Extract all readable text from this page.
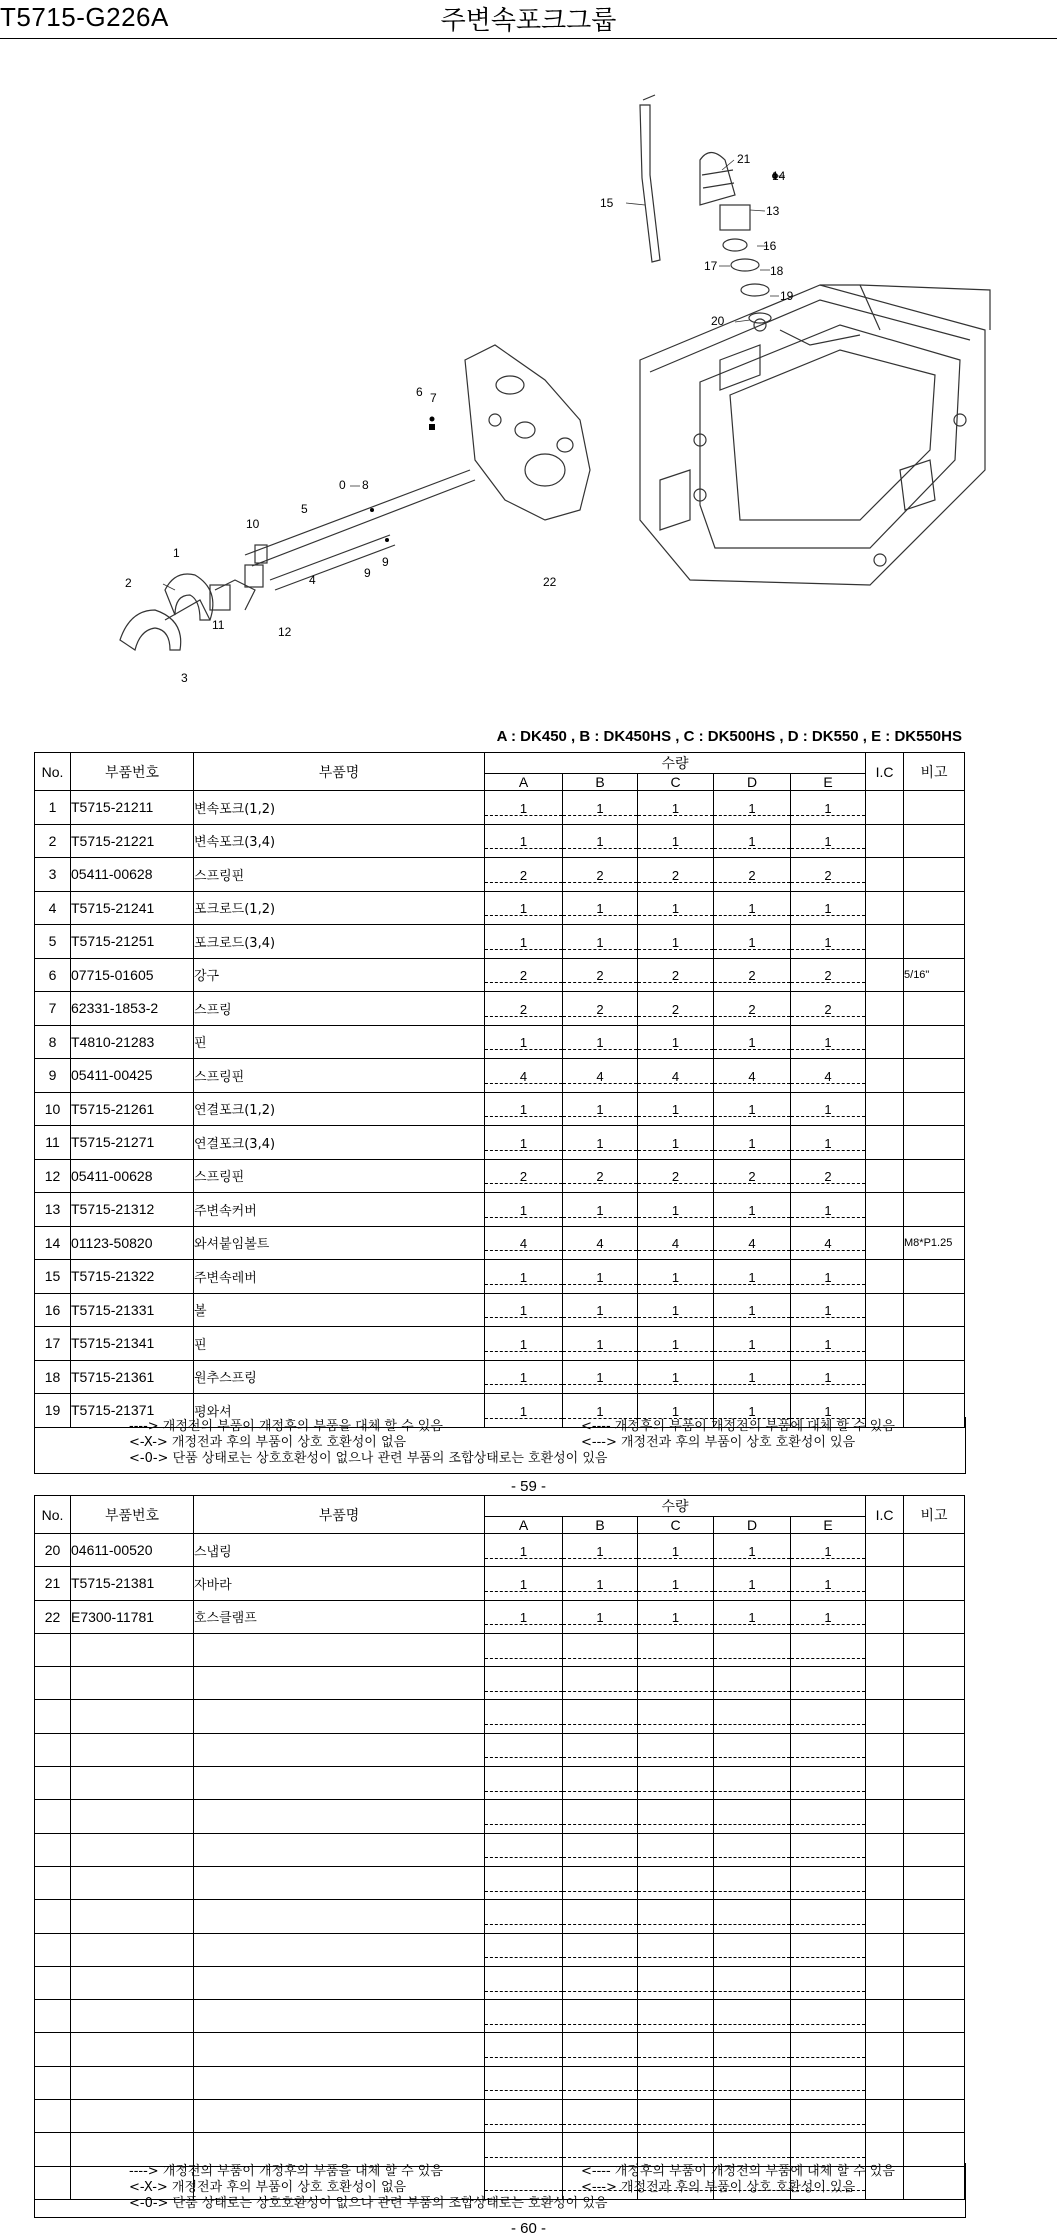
T5715-G226A	주변속포크그룹
21
14
15
13
16
17	18
19
20
6 7
0 8
5
10
1
2
9
9
4
11	12
3
22
A : DK450 , B : DK450HS , C : DK500HS , D : DK550 , E : DK550HS
No.	부품번호	부품명	수량					I.C	비고
			A	B	C	D	E		
1	T5715-21211	변속포크(1,2)	1	1	1	1	1		
2	T5715-21221	변속포크(3,4)	1	1	1	1	1		
3	05411-00628	스프링핀	2	2	2	2	2		
4	T5715-21241	포크로드(1,2)	1	1	1	1	1		
5	T5715-21251	포크로드(3,4)	1	1	1	1	1		
6	07715-01605	강구	2	2	2	2	2		5/16"
7	62331-1853-2	스프링	2	2	2	2	2		
8	T4810-21283	핀	1	1	1	1	1		
9	05411-00425	스프링핀	4	4	4	4	4		
10	T5715-21261	연결포크(1,2)	1	1	1	1	1		
11	T5715-21271	연결포크(3,4)	1	1	1	1	1		
12	05411-00628	스프링핀	2	2	2	2	2		
13	T5715-21312	주변속커버	1	1	1	1	1		
14	01123-50820	와셔붙임볼트	4	4	4	4	4		M8*P1.25
15	T5715-21322	주변속레버	1	1	1	1	1		
16	T5715-21331	볼	1	1	1	1	1		
17	T5715-21341	핀	1	1	1	1	1		
18	T5715-21361	원추스프링	1	1	1	1	1		
19	T5715-21371	평와셔	1	1	1	1	1		
----> 개정전의 부품이 개정후의 부품을 대체 할 수 있음	<---- 개정후의 부품이 개정전의 부품에 대체 할 수 있음
<-X-> 개정전과 후의 부품이 상호 호환성이 없음	<---> 개정전과 후의 부품이 상호 호환성이 있음
<-0-> 단품 상태로는 상호호환성이 없으나 관련 부품의 조합상태로는 호환성이 있음
- 59 -
No.	부품번호	부품명	수량					I.C	비고
			A	B	C	D	E		
20	04611-00520	스냅링	1	1	1	1	1		
21	T5715-21381	자바라	1	1	1	1	1		
22	E7300-11781	호스클램프	1	1	1	1	1		

----> 개정전의 부품이 개정후의 부품을 대체 할 수 있음	<---- 개정후의 부품이 개정전의 부품에 대체 할 수 있음
<-X-> 개정전과 후의 부품이 상호 호환성이 없음	<---> 개정전과 후의 부품이 상호 호환성이 있음
<-0-> 단품 상태로는 상호호환성이 없으나 관련 부품의 조합상태로는 호환성이 있음
- 60 -
